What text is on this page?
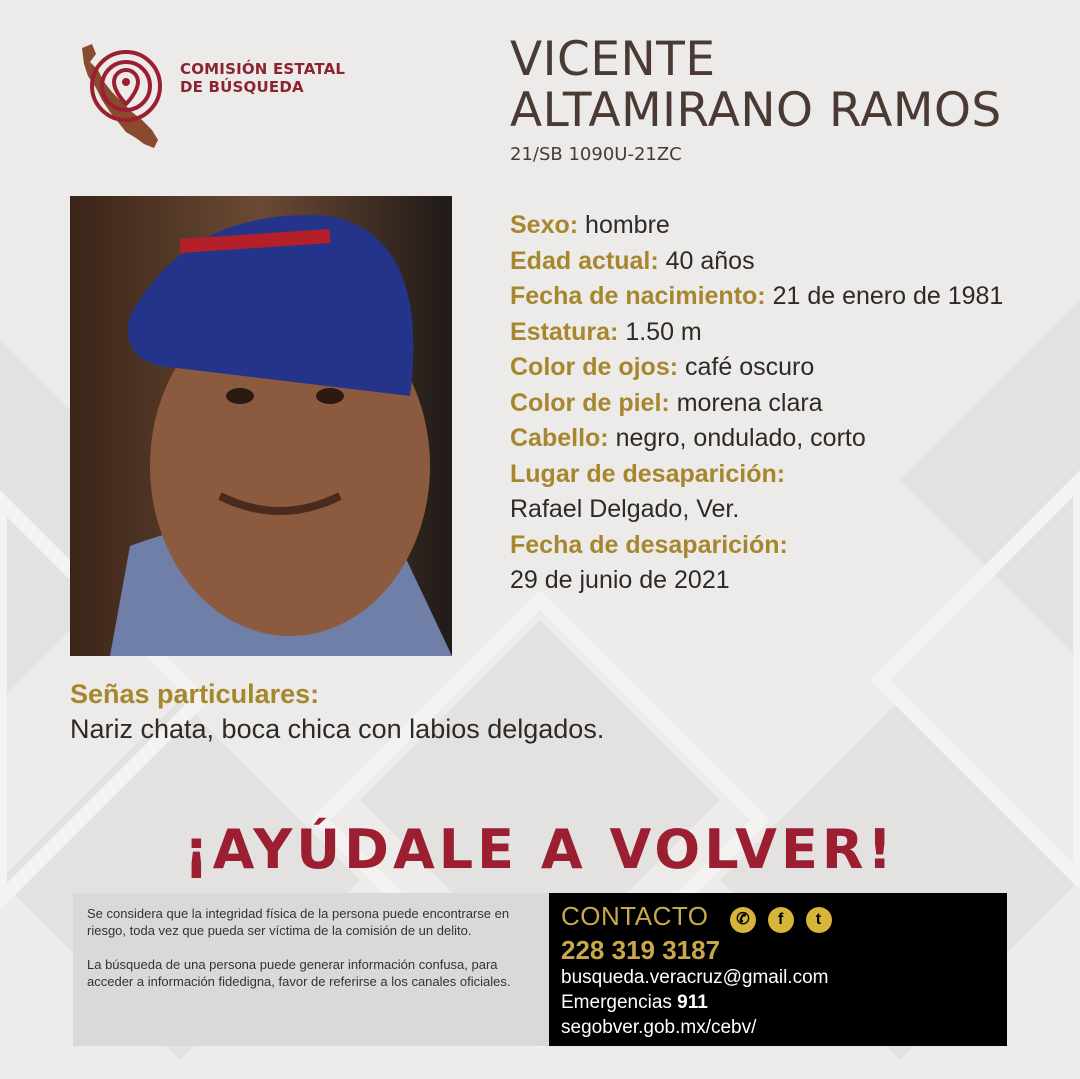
COMISIÓN ESTATAL
DE BÚSQUEDA	VICENTE
ALTAMIRANO RAMOS
21/SB 1090U-21ZC
Sexo: hombre
Edad actual: 40 años
Fecha de nacimiento: 21 de enero de 1981
Estatura: 1.50 m
Color de ojos: café oscuro
Color de piel: morena clara
Cabello: negro, ondulado, corto
Lugar de desaparición:
Rafael Delgado, Ver.
Fecha de desaparición:
29 de junio de 2021
Señas particulares:
Nariz chata, boca chica con labios delgados.
¡AYÚDALE A VOLVER!

Se considera que la integridad física de la persona puede encontrarse en riesgo, toda vez que pueda ser víctima de la comisión de un delito.

La búsqueda de una persona puede generar información confusa, para acceder a información fidedigna, favor de referirse a los canales oficiales.

CONTACTO ✆ f t
228 319 3187
busqueda.veracruz@gmail.com
Emergencias 911
segobver.gob.mx/cebv/
